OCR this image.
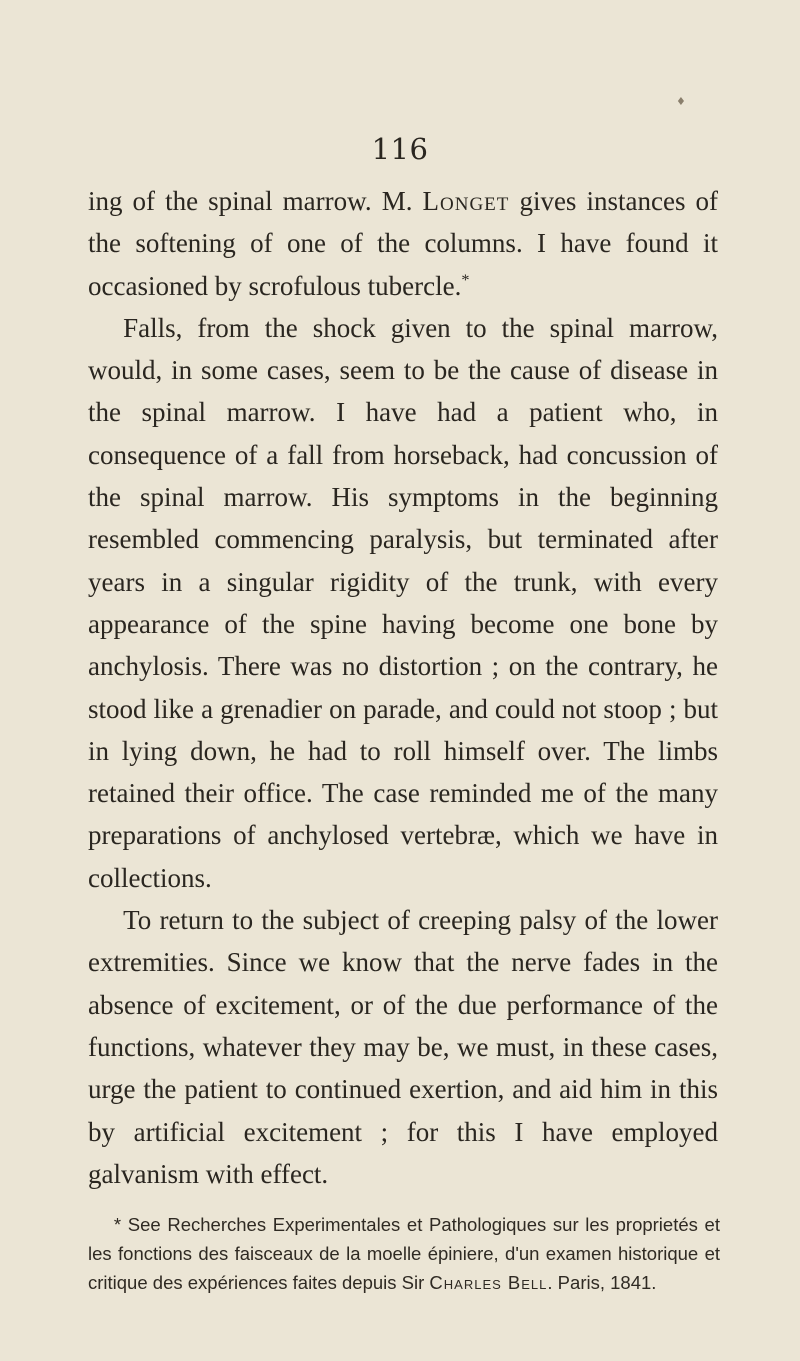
♦
116

ing of the spinal marrow. M. Longet gives instances of the softening of one of the columns. I have found it occasioned by scrofulous tubercle.*

Falls, from the shock given to the spinal marrow, would, in some cases, seem to be the cause of disease in the spinal marrow. I have had a patient who, in consequence of a fall from horseback, had concussion of the spinal marrow. His symptoms in the beginning resembled commencing paralysis, but terminated after years in a singular rigidity of the trunk, with every appearance of the spine having become one bone by anchylosis. There was no distortion ; on the contrary, he stood like a grenadier on parade, and could not stoop ; but in lying down, he had to roll himself over. The limbs retained their office. The case reminded me of the many preparations of anchylosed vertebræ, which we have in collections.

To return to the subject of creeping palsy of the lower extremities. Since we know that the nerve fades in the absence of excitement, or of the due performance of the functions, whatever they may be, we must, in these cases, urge the patient to continued exertion, and aid him in this by artificial excitement ; for this I have employed galvanism with effect.

* See Recherches Experimentales et Pathologiques sur les proprietés et les fonctions des faisceaux de la moelle épiniere, d'un examen historique et critique des expériences faites depuis Sir Charles Bell. Paris, 1841.
